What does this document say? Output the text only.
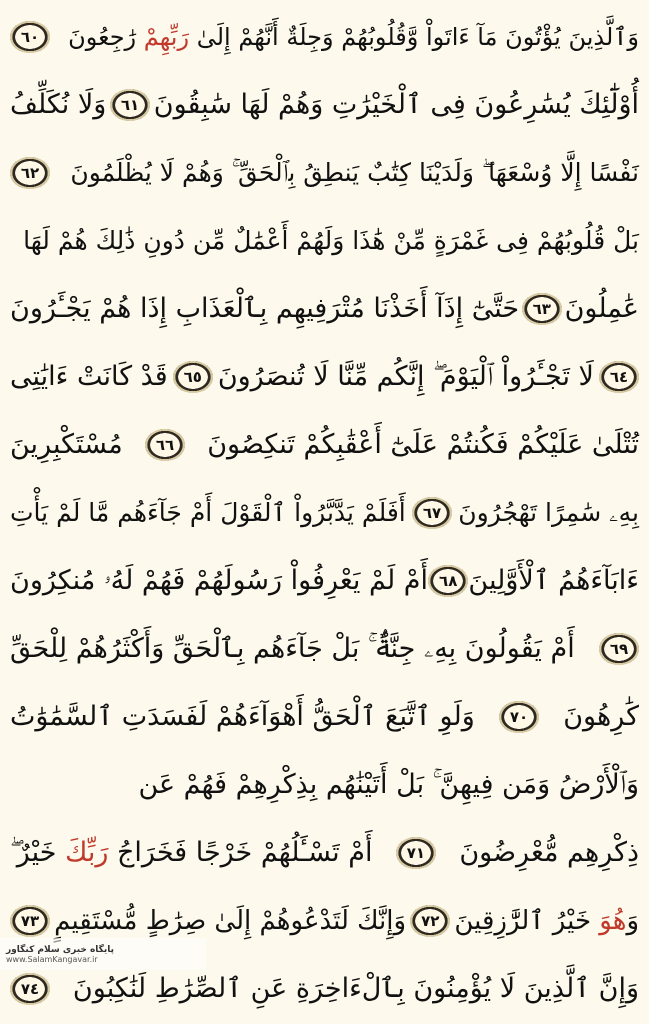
وَٱلَّذِينَ يُؤْتُونَ مَآ ءَاتَواْ وَّقُلُوبُهُمْ وَجِلَةٌ أَنَّهُمْ إِلَىٰ رَبِّهِمْ رَٰجِعُونَ
٦٠
أُوْلَٰٓئِكَ يُسَٰرِعُونَ فِى ٱلْخَيْرَٰتِ وَهُمْ لَهَا سَٰبِقُونَ
٦١
وَلَا نُكَلِّفُ
نَفْسًا إِلَّا وُسْعَهَا ۖ وَلَدَيْنَا كِتَٰبٌ يَنطِقُ بِٱلْحَقِّ ۚ وَهُمْ لَا يُظْلَمُونَ
٦٢
بَلْ قُلُوبُهُمْ فِى غَمْرَةٍ مِّنْ هَٰذَا وَلَهُمْ أَعْمَٰلٌ مِّن دُونِ ذَٰلِكَ هُمْ لَهَا
عَٰمِلُونَ
٦٣
حَتَّىٰٓ إِذَآ أَخَذْنَا مُتْرَفِيهِم بِٱلْعَذَابِ إِذَا هُمْ يَجْـَٔرُونَ
٦٤
لَا تَجْـَٔرُواْ ٱلْيَوْمَ ۖ إِنَّكُم مِّنَّا لَا تُنصَرُونَ
٦٥
قَدْ كَانَتْ ءَايَٰتِى
تُتْلَىٰ عَلَيْكُمْ فَكُنتُمْ عَلَىٰٓ أَعْقَٰبِكُمْ تَنكِصُونَ
٦٦
مُسْتَكْبِرِينَ
بِهِۦ سَٰمِرًا تَهْجُرُونَ
٦٧
أَفَلَمْ يَدَّبَّرُواْ ٱلْقَوْلَ أَمْ جَآءَهُم مَّا لَمْ يَأْتِ
ءَابَآءَهُمُ ٱلْأَوَّلِينَ
٦٨
أَمْ لَمْ يَعْرِفُواْ رَسُولَهُمْ فَهُمْ لَهُۥ مُنكِرُونَ
٦٩
أَمْ يَقُولُونَ بِهِۦ جِنَّةٌۢ ۚ بَلْ جَآءَهُم بِٱلْحَقِّ وَأَكْثَرُهُمْ لِلْحَقِّ
كَٰرِهُونَ
٧٠
وَلَوِ ٱتَّبَعَ ٱلْحَقُّ أَهْوَآءَهُمْ لَفَسَدَتِ ٱلسَّمَٰوَٰتُ
وَٱلْأَرْضُ وَمَن فِيهِنَّ ۚ بَلْ أَتَيْنَٰهُم بِذِكْرِهِمْ فَهُمْ عَن
ذِكْرِهِم مُّعْرِضُونَ
٧١
أَمْ تَسْـَٔلُهُمْ خَرْجًا فَخَرَاجُ رَبِّكَ خَيْرٌ ۖ
وَهُوَ خَيْرُ ٱلرَّٰزِقِينَ
٧٢
وَإِنَّكَ لَتَدْعُوهُمْ إِلَىٰ صِرَٰطٍ مُّسْتَقِيمٍ
٧٣
وَإِنَّ ٱلَّذِينَ لَا يُؤْمِنُونَ بِٱلْءَاخِرَةِ عَنِ ٱلصِّرَٰطِ لَنَٰكِبُونَ
٧٤
پایگاه خبری سلام کنگاور
www.SalamKangavar.ir
